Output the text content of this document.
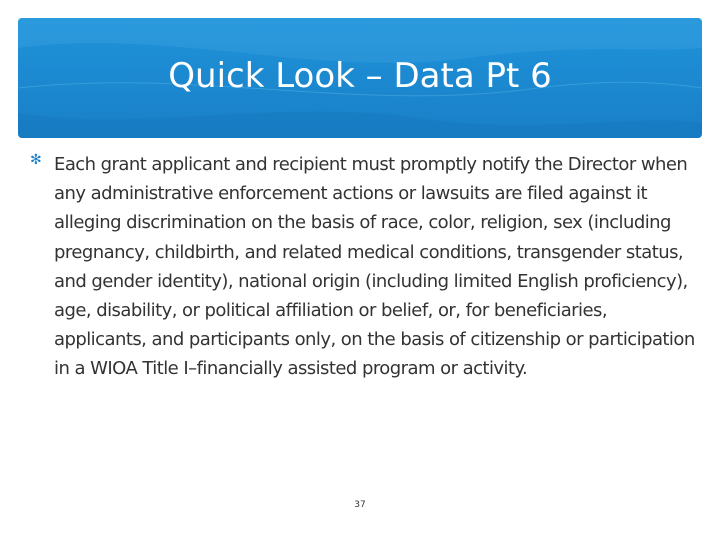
Quick Look – Data Pt 6
✻ Each grant applicant and recipient must promptly notify the Director when any administrative enforcement actions or lawsuits are filed against it alleging discrimination on the basis of race, color, religion, sex (including pregnancy, childbirth, and related medical conditions, transgender status, and gender identity), national origin (including limited English proficiency), age, disability, or political affiliation or belief, or, for beneficiaries, applicants, and participants only, on the basis of citizenship or participation in a WIOA Title I–financially assisted program or activity.
37
